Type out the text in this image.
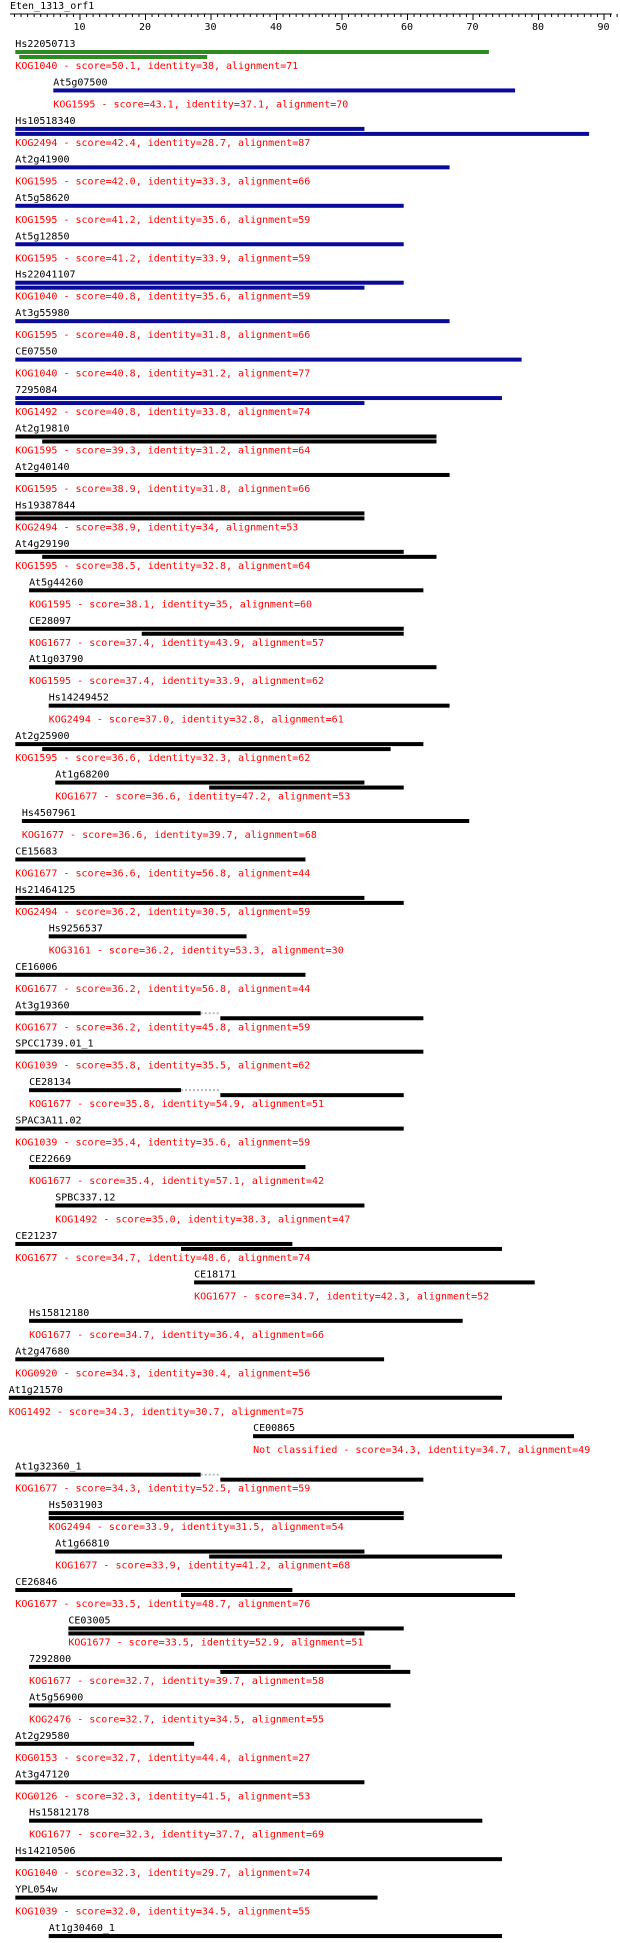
Eten_1313_orf1
10	20	30	40	50	60	70	80	90
Hs22050713
KOG1040 - score=50.1, identity=38, alignment=71
At5g07500
KOG1595 - score=43.1, identity=37.1, alignment=70
Hs10518340
KOG2494 - score=42.4, identity=28.7, alignment=87
At2g41900
KOG1595 - score=42.0, identity=33.3, alignment=66
At5g58620
KOG1595 - score=41.2, identity=35.6, alignment=59
At5g12850
KOG1595 - score=41.2, identity=33.9, alignment=59
Hs22041107
KOG1040 - score=40.8, identity=35.6, alignment=59
At3g55980
KOG1595 - score=40.8, identity=31.8, alignment=66
CE07550
KOG1040 - score=40.8, identity=31.2, alignment=77
7295084
KOG1492 - score=40.8, identity=33.8, alignment=74
At2g19810
KOG1595 - score=39.3, identity=31.2, alignment=64
At2g40140
KOG1595 - score=38.9, identity=31.8, alignment=66
Hs19387844
KOG2494 - score=38.9, identity=34, alignment=53
At4g29190
KOG1595 - score=38.5, identity=32.8, alignment=64
At5g44260
KOG1595 - score=38.1, identity=35, alignment=60
CE28097
KOG1677 - score=37.4, identity=43.9, alignment=57
At1g03790
KOG1595 - score=37.4, identity=33.9, alignment=62
Hs14249452
KOG2494 - score=37.0, identity=32.8, alignment=61
At2g25900
KOG1595 - score=36.6, identity=32.3, alignment=62
At1g68200
KOG1677 - score=36.6, identity=47.2, alignment=53
Hs4507961
KOG1677 - score=36.6, identity=39.7, alignment=68
CE15683
KOG1677 - score=36.6, identity=56.8, alignment=44
Hs21464125
KOG2494 - score=36.2, identity=30.5, alignment=59
Hs9256537
KOG3161 - score=36.2, identity=53.3, alignment=30
CE16006
KOG1677 - score=36.2, identity=56.8, alignment=44
At3g19360
KOG1677 - score=36.2, identity=45.8, alignment=59
SPCC1739.01_1
KOG1039 - score=35.8, identity=35.5, alignment=62
CE28134
KOG1677 - score=35.8, identity=54.9, alignment=51
SPAC3A11.02
KOG1039 - score=35.4, identity=35.6, alignment=59
CE22669
KOG1677 - score=35.4, identity=57.1, alignment=42
SPBC337.12
KOG1492 - score=35.0, identity=38.3, alignment=47
CE21237
KOG1677 - score=34.7, identity=48.6, alignment=74
CE18171
KOG1677 - score=34.7, identity=42.3, alignment=52
Hs15812180
KOG1677 - score=34.7, identity=36.4, alignment=66
At2g47680
KOG0920 - score=34.3, identity=30.4, alignment=56
At1g21570
KOG1492 - score=34.3, identity=30.7, alignment=75
CE00865
Not classified - score=34.3, identity=34.7, alignment=49
At1g32360_1
KOG1677 - score=34.3, identity=52.5, alignment=59
Hs5031903
KOG2494 - score=33.9, identity=31.5, alignment=54
At1g66810
KOG1677 - score=33.9, identity=41.2, alignment=68
CE26846
KOG1677 - score=33.5, identity=48.7, alignment=76
CE03005
KOG1677 - score=33.5, identity=52.9, alignment=51
7292800
KOG1677 - score=32.7, identity=39.7, alignment=58
At5g56900
KOG2476 - score=32.7, identity=34.5, alignment=55
At2g29580
KOG0153 - score=32.7, identity=44.4, alignment=27
At3g47120
KOG0126 - score=32.3, identity=41.5, alignment=53
Hs15812178
KOG1677 - score=32.3, identity=37.7, alignment=69
Hs14210506
KOG1040 - score=32.3, identity=29.7, alignment=74
YPL054w
KOG1039 - score=32.0, identity=34.5, alignment=55
At1g30460_1
